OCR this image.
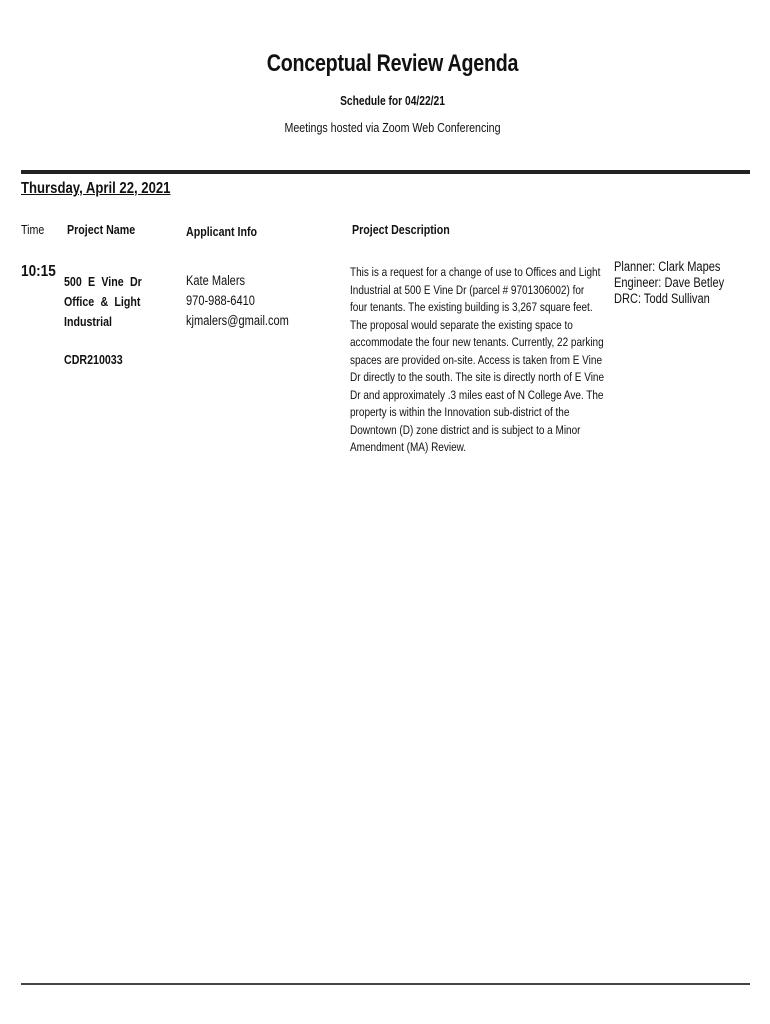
Conceptual Review Agenda
Schedule for 04/22/21
Meetings hosted via Zoom Web Conferencing
Thursday, April 22, 2021
Time Project Name	Applicant Info	Project Description
10:15
500 E Vine Dr
Office & Light
Industrial
CDR210033
Kate Malers
970-988-6410
kjmalers@gmail.com
This is a request for a change of use to Offices and Light Industrial at 500 E Vine Dr (parcel # 9701306002) for four tenants. The existing building is 3,267 square feet. The proposal would separate the existing space to accommodate the four new tenants. Currently, 22 parking spaces are provided on-site. Access is taken from E Vine Dr directly to the south. The site is directly north of E Vine Dr and approximately .3 miles east of N College Ave. The property is within the Innovation sub-district of the Downtown (D) zone district and is subject to a Minor Amendment (MA) Review.
Planner: Clark Mapes
Engineer: Dave Betley
DRC: Todd Sullivan
